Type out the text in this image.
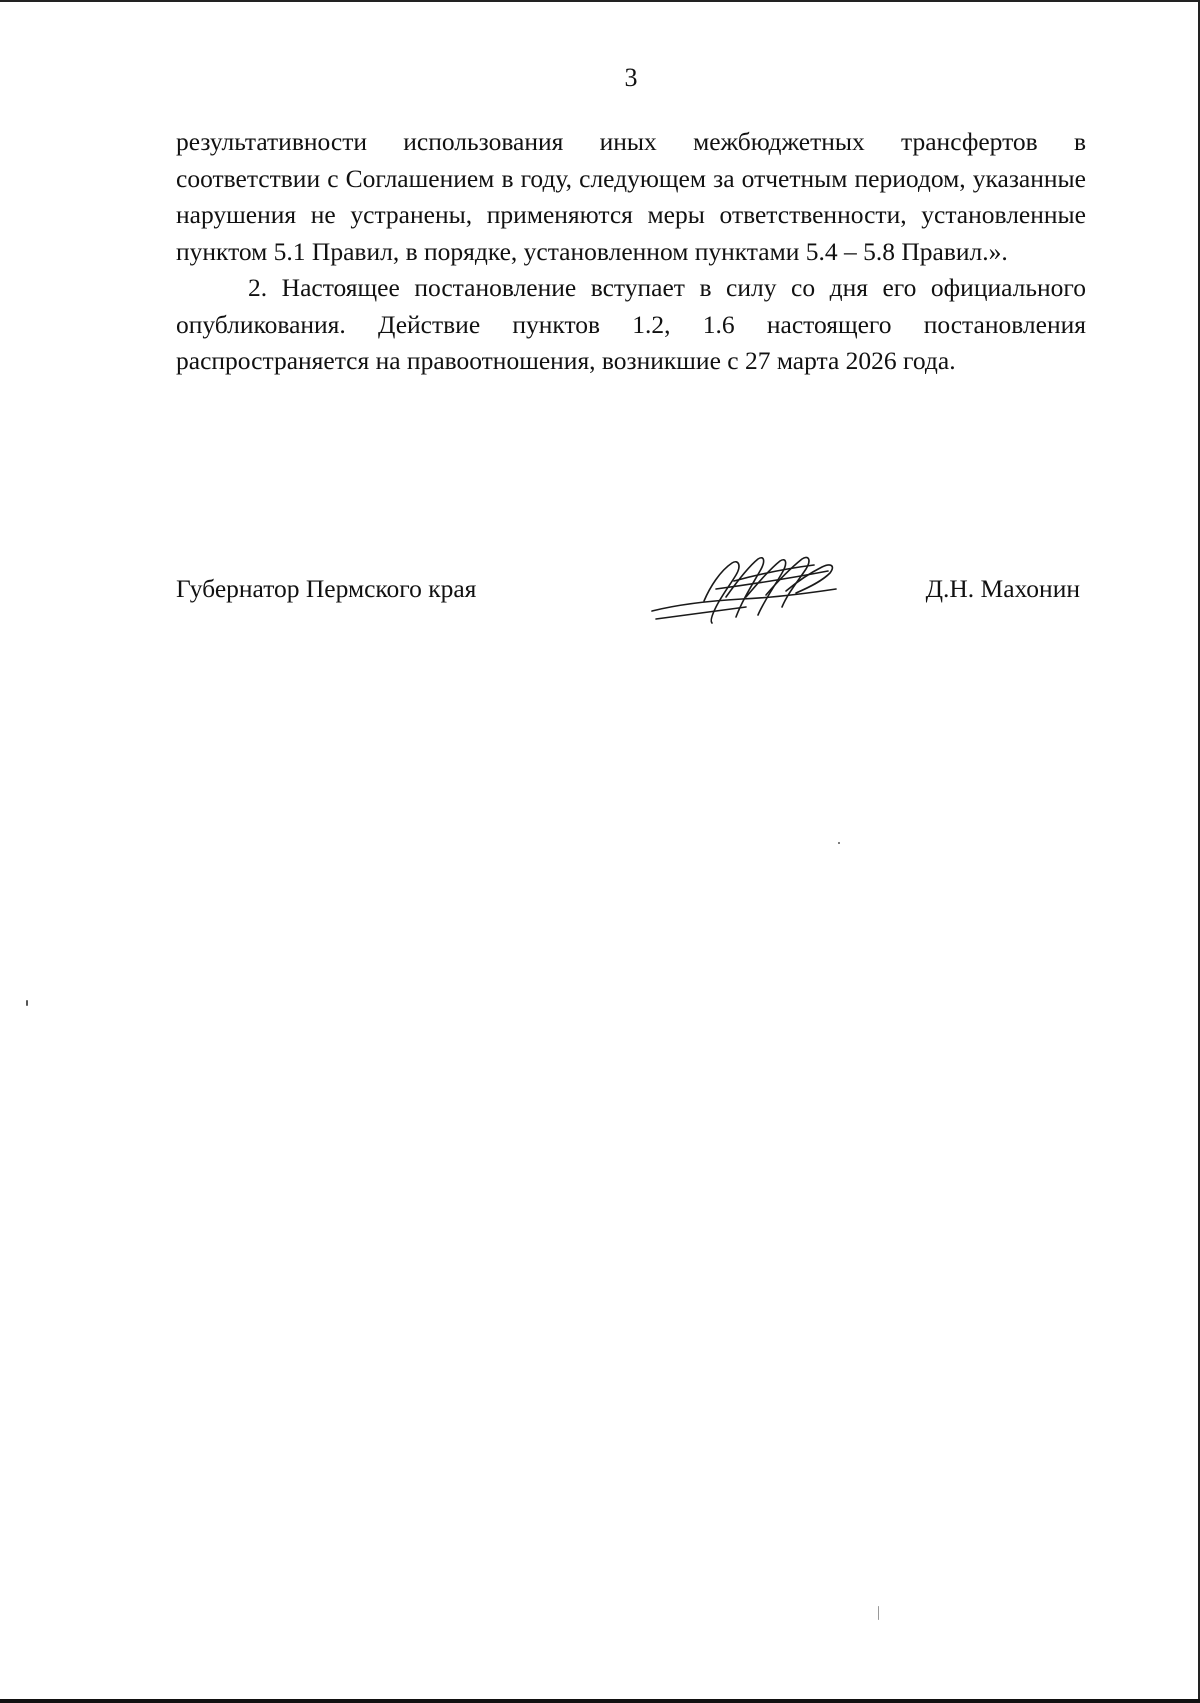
3

результативности использования иных межбюджетных трансфертов в соответствии с Соглашением в году, следующем за отчетным периодом, указанные нарушения не устранены, применяются меры ответственности, установленные пунктом 5.1 Правил, в порядке, установленном пунктами 5.4 – 5.8 Правил.».

2. Настоящее постановление вступает в силу со дня его официального опубликования. Действие пунктов 1.2, 1.6 настоящего постановления распространяется на правоотношения, возникшие с 27 марта 2026 года.

Губернатор Пермского края	Д.Н. Махонин
